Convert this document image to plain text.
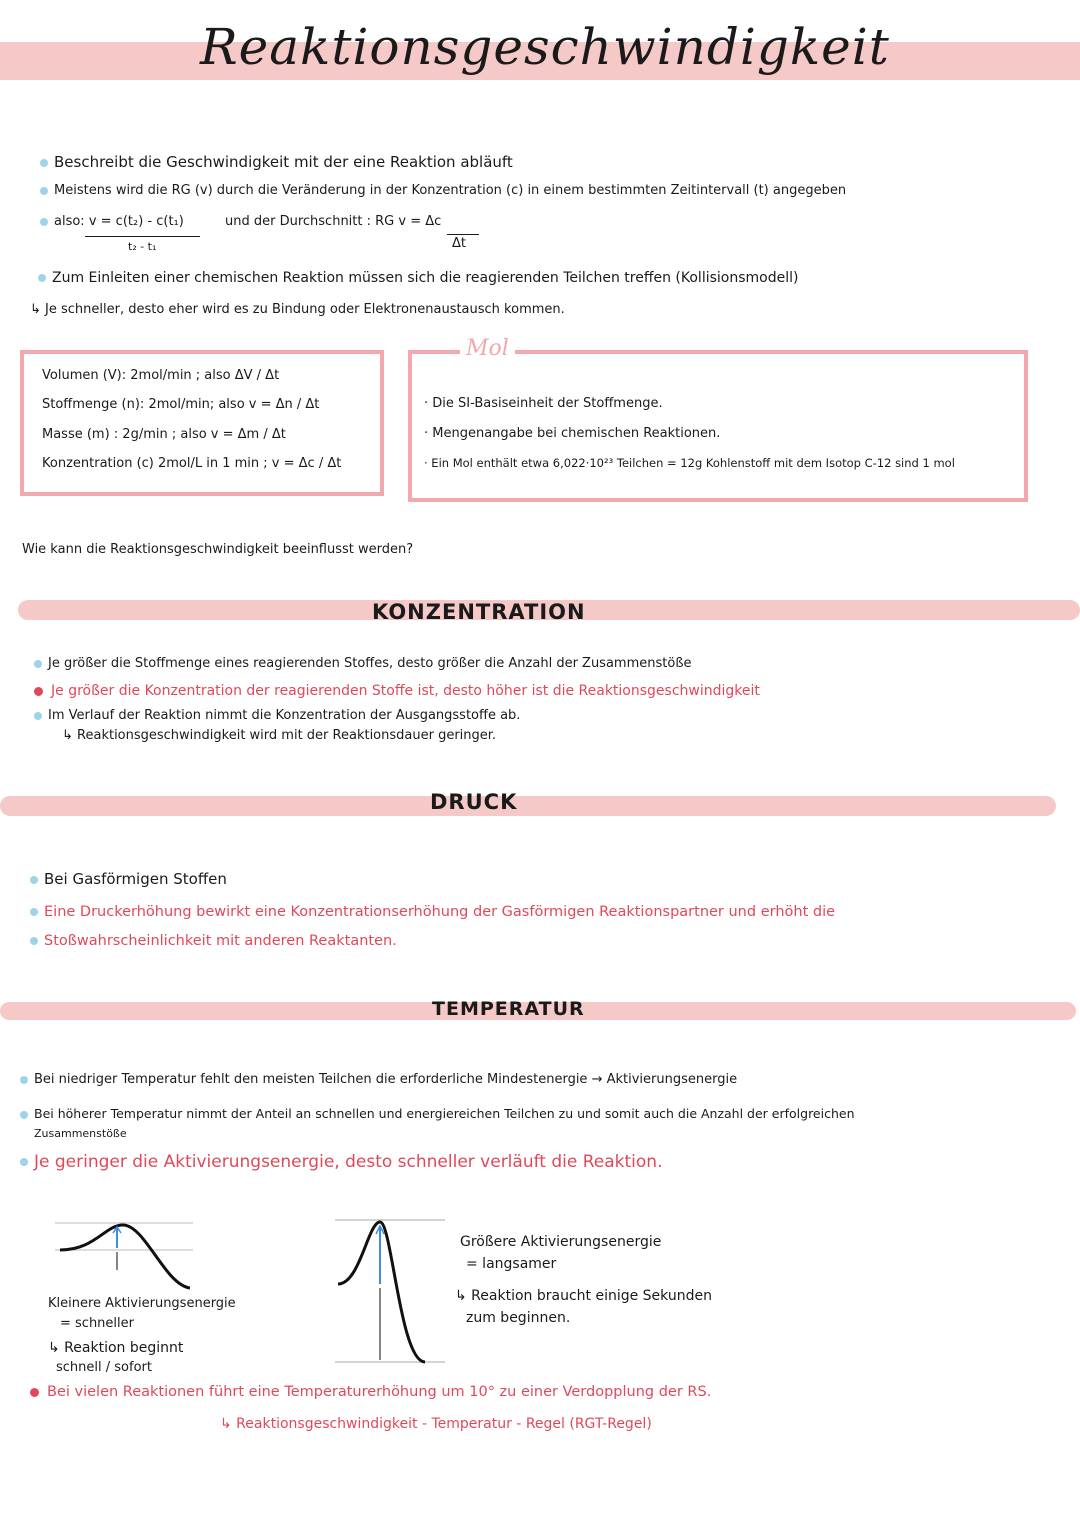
Reaktionsgeschwindigkeit
Beschreibt die Geschwindigkeit mit der eine Reaktion abläuft
Meistens wird die RG (v) durch die Veränderung in der Konzentration (c) in einem bestimmten Zeitintervall (t) angegeben
also: v = c(t₂) - c(t₁)
t₂ - t₁
und der Durchschnitt : RG v = Δc
Δt
Zum Einleiten einer chemischen Reaktion müssen sich die reagierenden Teilchen treffen (Kollisionsmodell)
↳ Je schneller, desto eher wird es zu Bindung oder Elektronenaustausch kommen.
Volumen (V): 2mol/min ; also ΔV / Δt
Stoffmenge (n): 2mol/min; also v = Δn / Δt
Masse (m) : 2g/min ; also v = Δm / Δt
Konzentration (c) 2mol/L in 1 min ; v = Δc / Δt
Mol
· Die SI-Basiseinheit der Stoffmenge.
· Mengenangabe bei chemischen Reaktionen.
· Ein Mol enthält etwa 6,022·10²³ Teilchen = 12g Kohlenstoff mit dem Isotop C-12 sind 1 mol
Wie kann die Reaktionsgeschwindigkeit beeinflusst werden?
KONZENTRATION
Je größer die Stoffmenge eines reagierenden Stoffes, desto größer die Anzahl der Zusammenstöße
Je größer die Konzentration der reagierenden Stoffe ist, desto höher ist die Reaktionsgeschwindigkeit
Im Verlauf der Reaktion nimmt die Konzentration der Ausgangsstoffe ab.
↳ Reaktionsgeschwindigkeit wird mit der Reaktionsdauer geringer.
DRUCK
Bei Gasförmigen Stoffen
Eine Druckerhöhung bewirkt eine Konzentrationserhöhung der Gasförmigen Reaktionspartner und erhöht die
Stoßwahrscheinlichkeit mit anderen Reaktanten.
TEMPERATUR
Bei niedriger Temperatur fehlt den meisten Teilchen die erforderliche Mindestenergie → Aktivierungsenergie
Bei höherer Temperatur nimmt der Anteil an schnellen und energiereichen Teilchen zu und somit auch die Anzahl der erfolgreichen
Zusammenstöße
Je geringer die Aktivierungsenergie, desto schneller verläuft die Reaktion.
Kleinere Aktivierungsenergie
= schneller
↳ Reaktion beginnt
schnell / sofort
Größere Aktivierungsenergie
= langsamer
↳ Reaktion braucht einige Sekunden
zum beginnen.
Bei vielen Reaktionen führt eine Temperaturerhöhung um 10° zu einer Verdopplung der RS.
↳ Reaktionsgeschwindigkeit - Temperatur - Regel (RGT-Regel)
